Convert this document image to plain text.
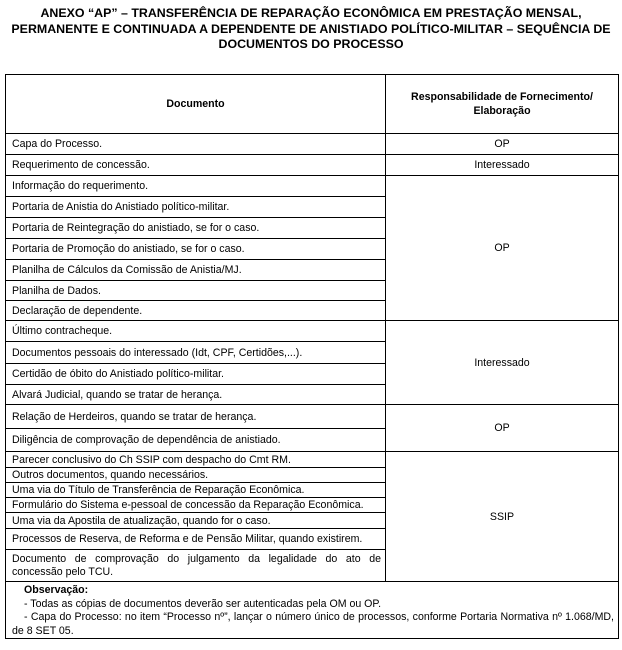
ANEXO “AP” – TRANSFERÊNCIA DE REPARAÇÃO ECONÔMICA EM PRESTAÇÃO MENSAL,
PERMANENTE E CONTINUADA A DEPENDENTE DE ANISTIADO POLÍTICO-MILITAR – SEQUÊNCIA DE
DOCUMENTOS DO PROCESSO
Documento	Responsabilidade de Fornecimento/
Elaboração

Capa do Processo.	OP
Requerimento de concessão.	Interessado
Informação do requerimento.	OP
Portaria de Anistia do Anistiado político-militar.	
Portaria de Reintegração do anistiado, se for o caso.	
Portaria de Promoção do anistiado, se for o caso.	
Planilha de Cálculos da Comissão de Anistia/MJ.	
Planilha de Dados.	
Declaração de dependente.	
Último contracheque.	Interessado
Documentos pessoais do interessado (Idt, CPF, Certidões,...).	
Certidão de óbito do Anistiado político-militar.	
Alvará Judicial, quando se tratar de herança.	
Relação de Herdeiros, quando se tratar de herança.	OP
Diligência de comprovação de dependência de anistiado.	
Parecer conclusivo do Ch SSIP com despacho do Cmt RM.	SSIP
Outros documentos, quando necessários.	
Uma via do Título de Transferência de Reparação Econômica.	
Formulário do Sistema e-pessoal de concessão da Reparação Econômica.	
Uma via da Apostila de atualização, quando for o caso.	
Processos de Reserva, de Reforma e de Pensão Militar, quando existirem.	
Documento de comprovação do julgamento da legalidade do ato de concessão pelo TCU.	

Observação:
- Todas as cópias de documentos deverão ser autenticadas pela OM ou OP.
- Capa do Processo: no item “Processo nº”, lançar o número único de processos, conforme Portaria Normativa nº 1.068/MD, de 8 SET 05.	
